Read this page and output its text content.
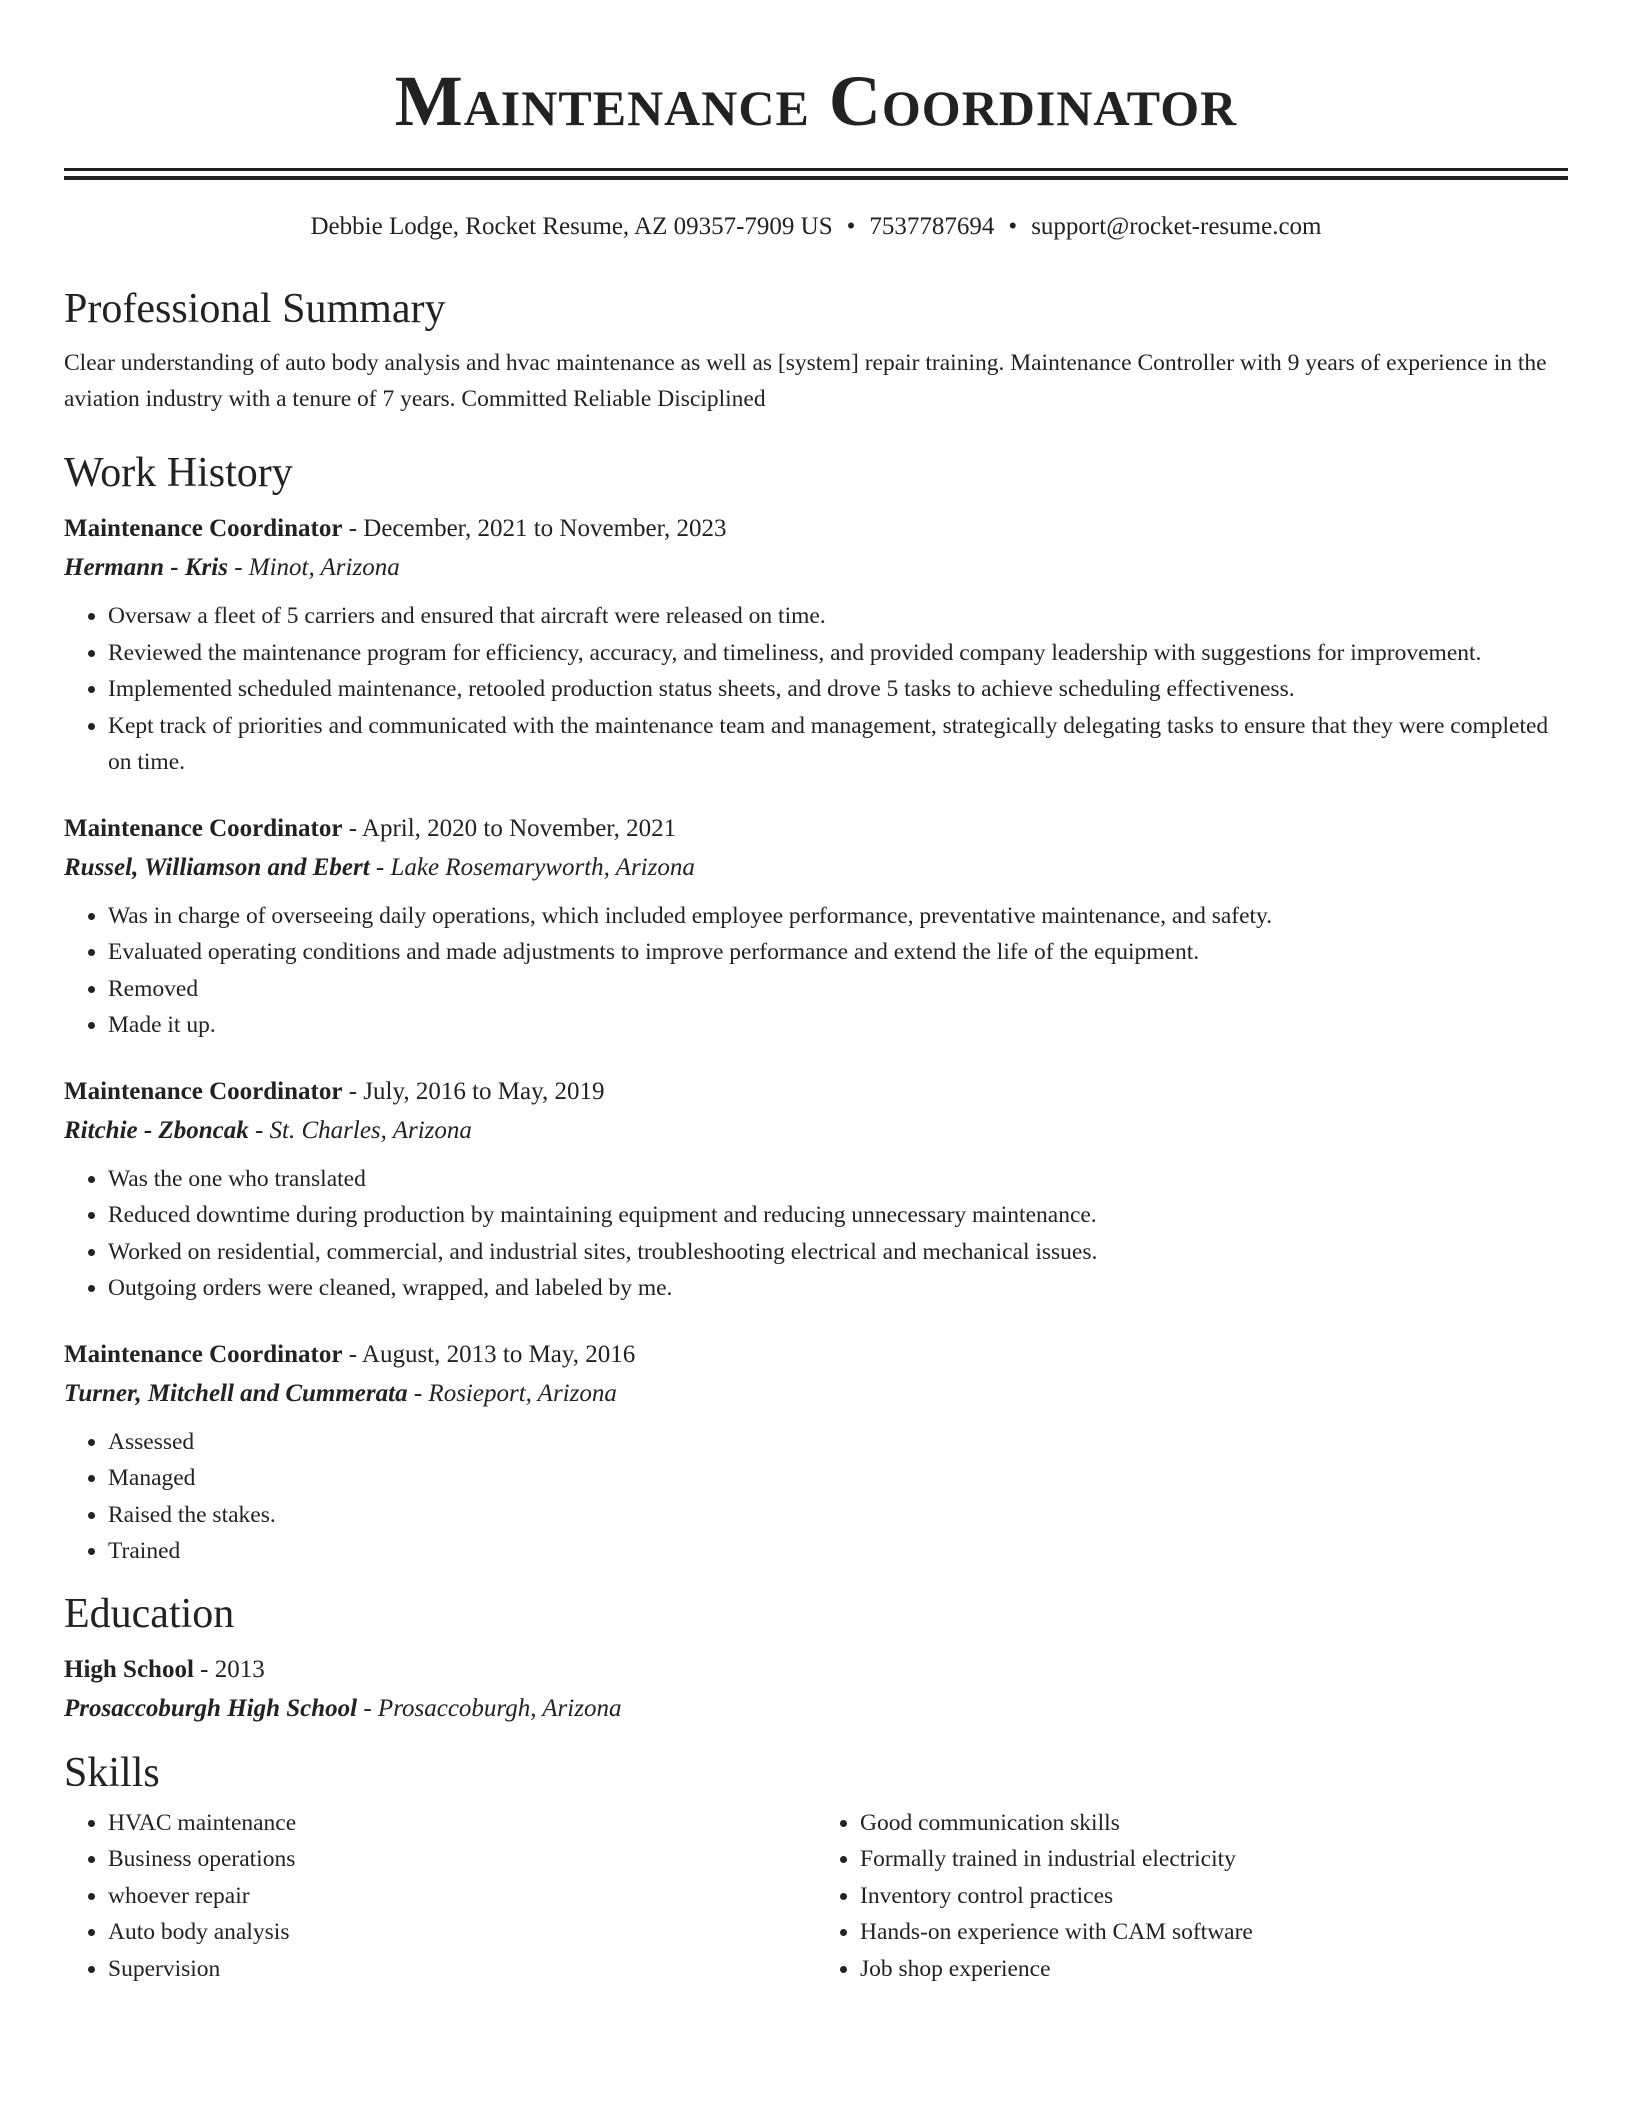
Maintenance Coordinator
Debbie Lodge, Rocket Resume, AZ 09357-7909 US • 7537787694 • support@rocket-resume.com
Professional Summary

Clear understanding of auto body analysis and hvac maintenance as well as [system] repair training. Maintenance Controller with 9 years of experience in the aviation industry with a tenure of 7 years. Committed Reliable Disciplined

Work History
Maintenance Coordinator - December, 2021 to November, 2023
Hermann - Kris - Minot, Arizona
• Oversaw a fleet of 5 carriers and ensured that aircraft were released on time.
• Reviewed the maintenance program for efficiency, accuracy, and timeliness, and provided company leadership with suggestions for improvement.
• Implemented scheduled maintenance, retooled production status sheets, and drove 5 tasks to achieve scheduling effectiveness.
• Kept track of priorities and communicated with the maintenance team and management, strategically delegating tasks to ensure that they were completed on time.
Maintenance Coordinator - April, 2020 to November, 2021
Russel, Williamson and Ebert - Lake Rosemaryworth, Arizona
• Was in charge of overseeing daily operations, which included employee performance, preventative maintenance, and safety.
• Evaluated operating conditions and made adjustments to improve performance and extend the life of the equipment.
• Removed
• Made it up.
Maintenance Coordinator - July, 2016 to May, 2019
Ritchie - Zboncak - St. Charles, Arizona
• Was the one who translated
• Reduced downtime during production by maintaining equipment and reducing unnecessary maintenance.
• Worked on residential, commercial, and industrial sites, troubleshooting electrical and mechanical issues.
• Outgoing orders were cleaned, wrapped, and labeled by me.
Maintenance Coordinator - August, 2013 to May, 2016
Turner, Mitchell and Cummerata - Rosieport, Arizona
• Assessed
• Managed
• Raised the stakes.
• Trained
Education
High School - 2013
Prosaccoburgh High School - Prosaccoburgh, Arizona
Skills
• HVAC maintenance
• Business operations
• whoever repair
• Auto body analysis
• Supervision
• Good communication skills
• Formally trained in industrial electricity
• Inventory control practices
• Hands-on experience with CAM software
• Job shop experience
